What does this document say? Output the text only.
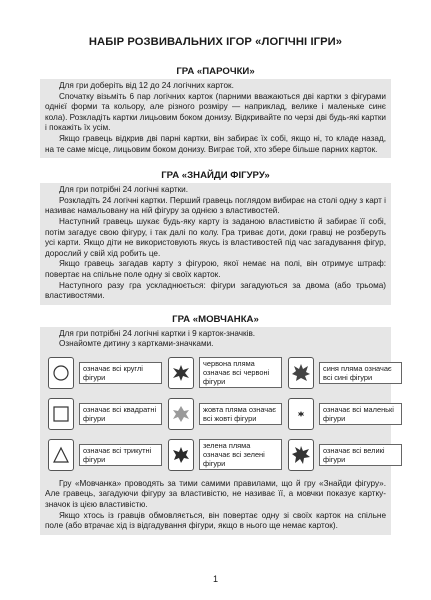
НАБІР РОЗВИВАЛЬНИХ ІГОР «ЛОГІЧНІ ІГРИ»
ГРА «ПАРОЧКИ»

Для гри доберіть від 12 до 24 логічних карток.

Спочатку візьміть 6 пар логічних карток (парними вважаються дві картки з фігурами однієї форми та кольору, але різного розміру — наприклад, велике і маленьке синє кола). Розкладіть картки лицьовим боком донизу. Відкривайте по черзі дві будь-які картки і покажіть їх усім.

Якщо гравець відкрив дві парні картки, він забирає їх собі, якщо ні, то кладе назад, на те саме місце, лицьовим боком донизу. Виграє той, хто збере більше парних карток.

ГРА «ЗНАЙДИ ФІГУРУ»

Для гри потрібні 24 логічні картки.

Розкладіть 24 логічні картки. Перший гравець поглядом вибирає на столі одну з карт і називає намальовану на ній фігуру за однією з властивостей.

Наступний гравець шукає будь-яку карту із заданою властивістю й забирає її собі, потім загадує свою фігуру, і так далі по колу. Гра триває доти, доки гравці не розберуть усі карти. Якщо діти не використовують якусь із властивостей під час загадування фігур, дорослий у свій хід робить це.

Якщо гравець загадав карту з фігурою, якої немає на полі, він отримує штраф: повертає на спільне поле одну зі своїх карток.

Наступного разу гра ускладнюється: фігури загадуються за двома (або трьома) властивостями.

ГРА «МОВЧАНКА»

Для гри потрібні 24 логічні картки і 9 карток-значків.

Ознайомте дитину з картками-значками.

означає всі круглі фігури
червона пляма означає всі червоні фігури
синя пляма означає всі сині фігури
означає всі квадратні фігури
жовта пляма означає всі жовті фігури
означає всі маленькі фігури
означає всі трикутні фігури
зелена пляма означає всі зелені фігури
означає всі великі фігури

Гру «Мовчанка» проводять за тими самими правилами, що й гру «Знайди фігуру». Але гравець, загадуючи фігуру за властивістю, не називає її, а мовчки показує картку-значок із цією властивістю.

Якщо хтось із гравців обмовляється, він повертає одну зі своїх карток на спільне поле (або втрачає хід із відгадування фігури, якщо в нього ще немає карток).

1
